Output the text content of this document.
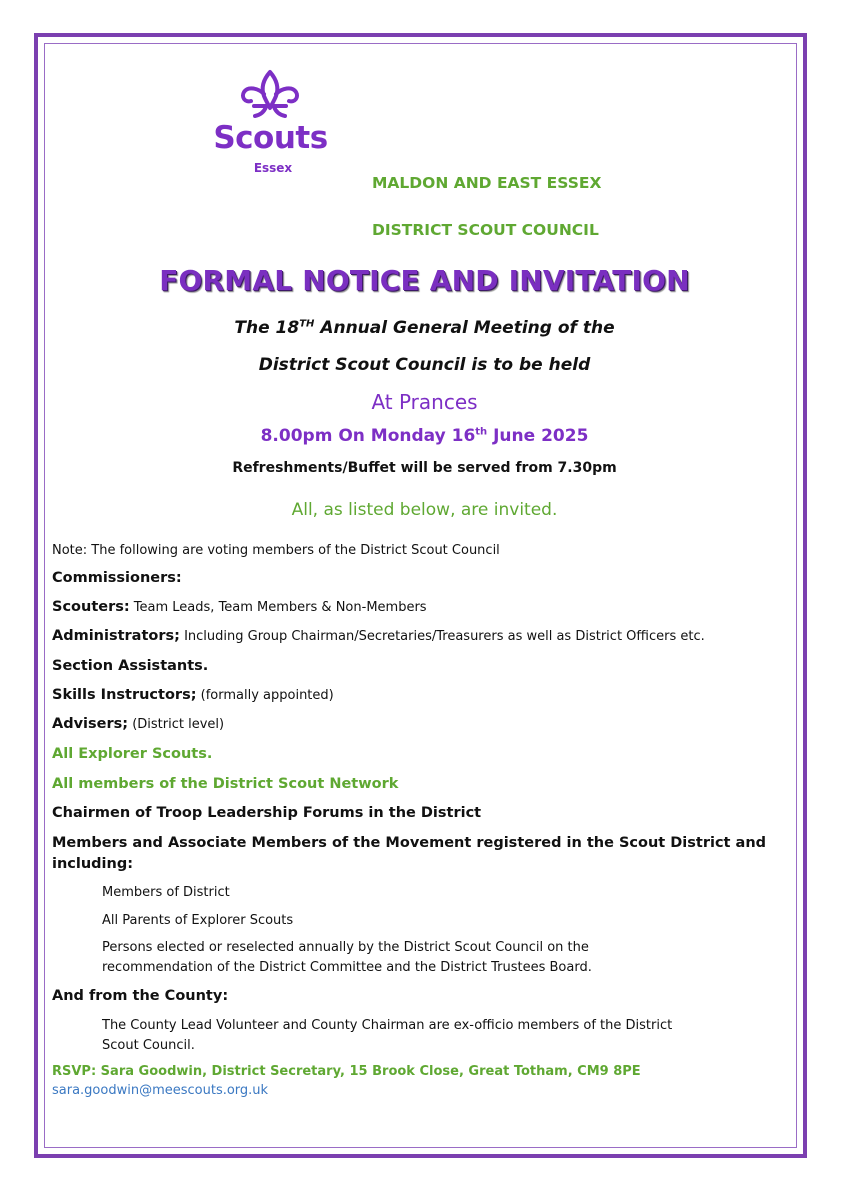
Scouts
Essex
MALDON AND EAST ESSEX
DISTRICT SCOUT COUNCIL
FORMAL NOTICE AND INVITATION
The 18TH Annual General Meeting of the
District Scout Council is to be held
At Prances
8.00pm On Monday 16th June 2025
Refreshments/Buffet will be served from 7.30pm
All, as listed below, are invited.
Note: The following are voting members of the District Scout Council
Commissioners:
Scouters: Team Leads, Team Members & Non-Members
Administrators; Including Group Chairman/Secretaries/Treasurers as well as District Officers etc.
Section Assistants.
Skills Instructors; (formally appointed)
Advisers; (District level)
All Explorer Scouts.
All members of the District Scout Network
Chairmen of Troop Leadership Forums in the District
Members and Associate Members of the Movement registered in the Scout District and
including:
Members of District
All Parents of Explorer Scouts
Persons elected or reselected annually by the District Scout Council on the
recommendation of the District Committee and the District Trustees Board.
And from the County:
The County Lead Volunteer and County Chairman are ex-officio members of the District
Scout Council.
RSVP: Sara Goodwin, District Secretary, 15 Brook Close, Great Totham, CM9 8PE
sara.goodwin@meescouts.org.uk
